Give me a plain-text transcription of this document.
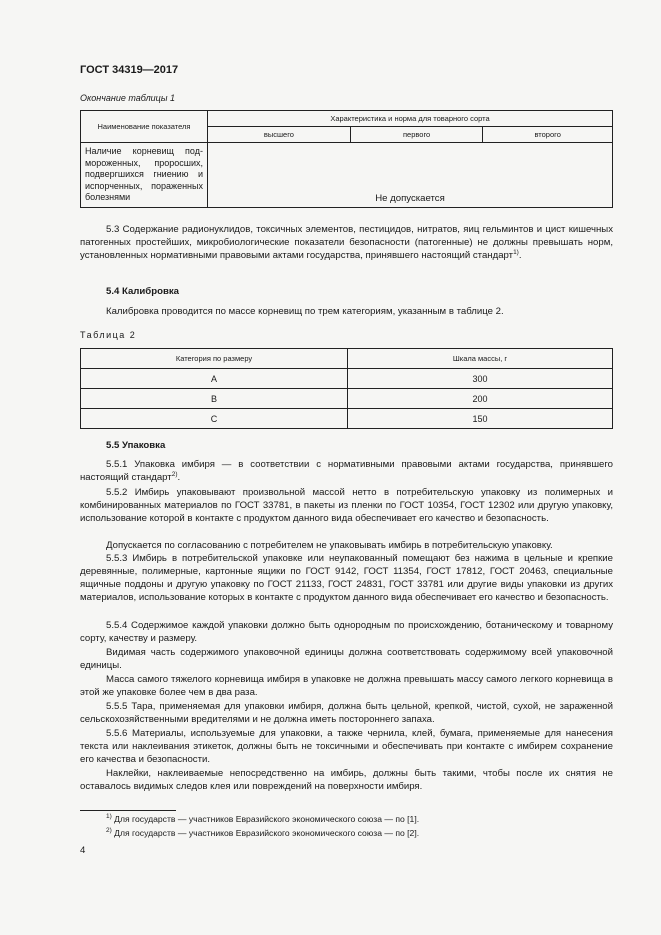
ГОСТ 34319—2017
Окончание таблицы 1
Наименование показателя	Характеристика и норма для товарного сорта		
	высшего	первого	второго
Наличие корневищ под-мороженных, проросших, подвергшихся гниению и испорченных, пораженных болезнями	Не допускается		
5.3 Содержание радионуклидов, токсичных элементов, пестицидов, нитратов, яиц гельминтов и цист кишечных патогенных простейших, микробиологические показатели безопасности (патогенные) не должны превышать норм, установленных нормативными правовыми актами государства, принявшего настоящий стандарт$^{1)}$.
5.4 Калибровка
Калибровка проводится по массе корневищ по трем категориям, указанным в таблице 2.
Таблица 2
Категория по размеру	Шкала массы, г
А	300
В	200
С	150
5.5 Упаковка
5.5.1 Упаковка имбиря — в соответствии с нормативными правовыми актами государства, принявшего настоящий стандарт$^{2)}$.
5.5.2 Имбирь упаковывают произвольной массой нетто в потребительскую упаковку из полимерных и комбинированных материалов по ГОСТ 33781, в пакеты из пленки по ГОСТ 10354, ГОСТ 12302 или другую упаковку, использование которой в контакте с продуктом данного вида обеспечивает его качество и безопасность.
Допускается по согласованию с потребителем не упаковывать имбирь в потребительскую упаковку.
5.5.3 Имбирь в потребительской упаковке или неупакованный помещают без нажима в цельные и крепкие деревянные, полимерные, картонные ящики по ГОСТ 9142, ГОСТ 11354, ГОСТ 17812, ГОСТ 20463, специальные ящичные поддоны и другую упаковку по ГОСТ 21133, ГОСТ 24831, ГОСТ 33781 или другие виды упаковки из других материалов, использование которых в контакте с продуктом данного вида обеспечивает его качество и безопасность.
5.5.4 Содержимое каждой упаковки должно быть однородным по происхождению, ботаническому и товарному сорту, качеству и размеру.
Видимая часть содержимого упаковочной единицы должна соответствовать содержимому всей упаковочной единицы.
Масса самого тяжелого корневища имбиря в упаковке не должна превышать массу самого легкого корневища в этой же упаковке более чем в два раза.
5.5.5 Тара, применяемая для упаковки имбиря, должна быть цельной, крепкой, чистой, сухой, не зараженной сельскохозяйственными вредителями и не должна иметь постороннего запаха.
5.5.6 Материалы, используемые для упаковки, а также чернила, клей, бумага, применяемые для нанесения текста или наклеивания этикеток, должны быть не токсичными и обеспечивать при контакте с имбирем сохранение его качества и безопасности.
Наклейки, наклеиваемые непосредственно на имбирь, должны быть такими, чтобы после их снятия не оставалось видимых следов клея или повреждений на поверхности имбиря.
$^{1)}$ Для государств — участников Евразийского экономического союза — по [1].
$^{2)}$ Для государств — участников Евразийского экономического союза — по [2].
4
